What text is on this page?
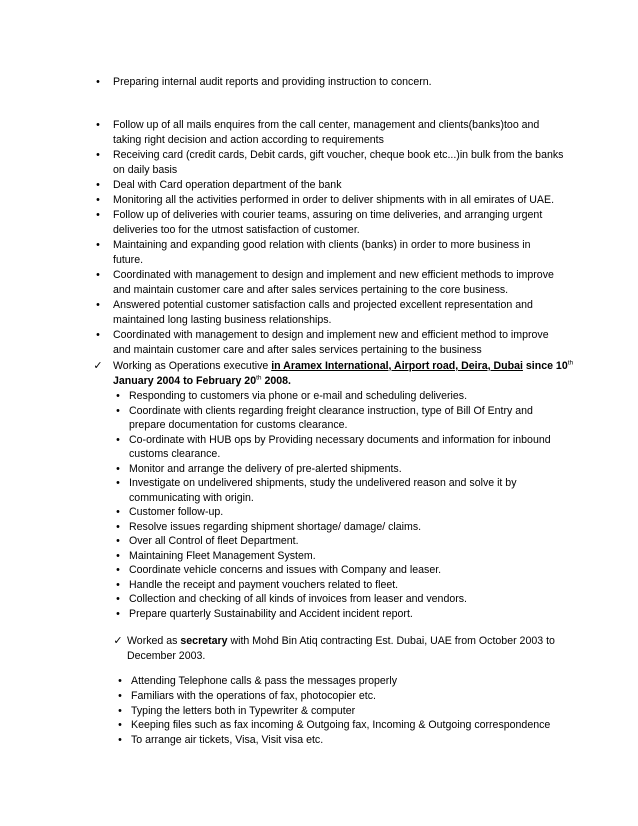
•	Preparing internal audit reports and providing instruction to concern.
•	Follow up of all mails enquires from the call center, management and clients(banks)too and
taking right decision and action according to requirements
•	Receiving card (credit cards, Debit cards, gift voucher, cheque book etc...)in bulk from the banks
on daily basis
•	Deal with Card operation department of the bank
•	Monitoring all the activities performed in order to deliver shipments with in all emirates of UAE.
•	Follow up of deliveries with courier teams, assuring on time deliveries, and arranging urgent
deliveries too for the utmost satisfaction of customer.
•	Maintaining and expanding good relation with clients (banks) in order to more business in
future.
•	Coordinated with management to design and implement and new efficient methods to improve
and maintain customer care and after sales services pertaining to the core business.
•	Answered potential customer satisfaction calls and projected excellent representation and
maintained long lasting business relationships.
•	Coordinated with management to design and implement new and efficient method to improve
and maintain customer care and after sales services pertaining to the business
✓ Working as Operations executive in Aramex International, Airport road, Deira, Dubai since 10th
January 2004 to February 20th 2008.
• Responding to customers via phone or e-mail and scheduling deliveries.
• Coordinate with clients regarding freight clearance instruction, type of Bill Of Entry and
prepare documentation for customs clearance.
• Co-ordinate with HUB ops by Providing necessary documents and information for inbound
customs clearance.
• Monitor and arrange the delivery of pre-alerted shipments.
• Investigate on undelivered shipments, study the undelivered reason and solve it by
communicating with origin.
• Customer follow-up.
• Resolve issues regarding shipment shortage/ damage/ claims.
• Over all Control of fleet Department.
• Maintaining Fleet Management System.
• Coordinate vehicle concerns and issues with Company and leaser.
• Handle the receipt and payment vouchers related to fleet.
• Collection and checking of all kinds of invoices from leaser and vendors.
• Prepare quarterly Sustainability and Accident incident report.
✓ Worked as secretary with Mohd Bin Atiq contracting Est. Dubai, UAE from October 2003 to
December 2003.
• Attending Telephone calls & pass the messages properly
• Familiars with the operations of fax, photocopier etc.
• Typing the letters both in Typewriter & computer
• Keeping files such as fax incoming & Outgoing fax, Incoming & Outgoing correspondence
• To arrange air tickets, Visa, Visit visa etc.
